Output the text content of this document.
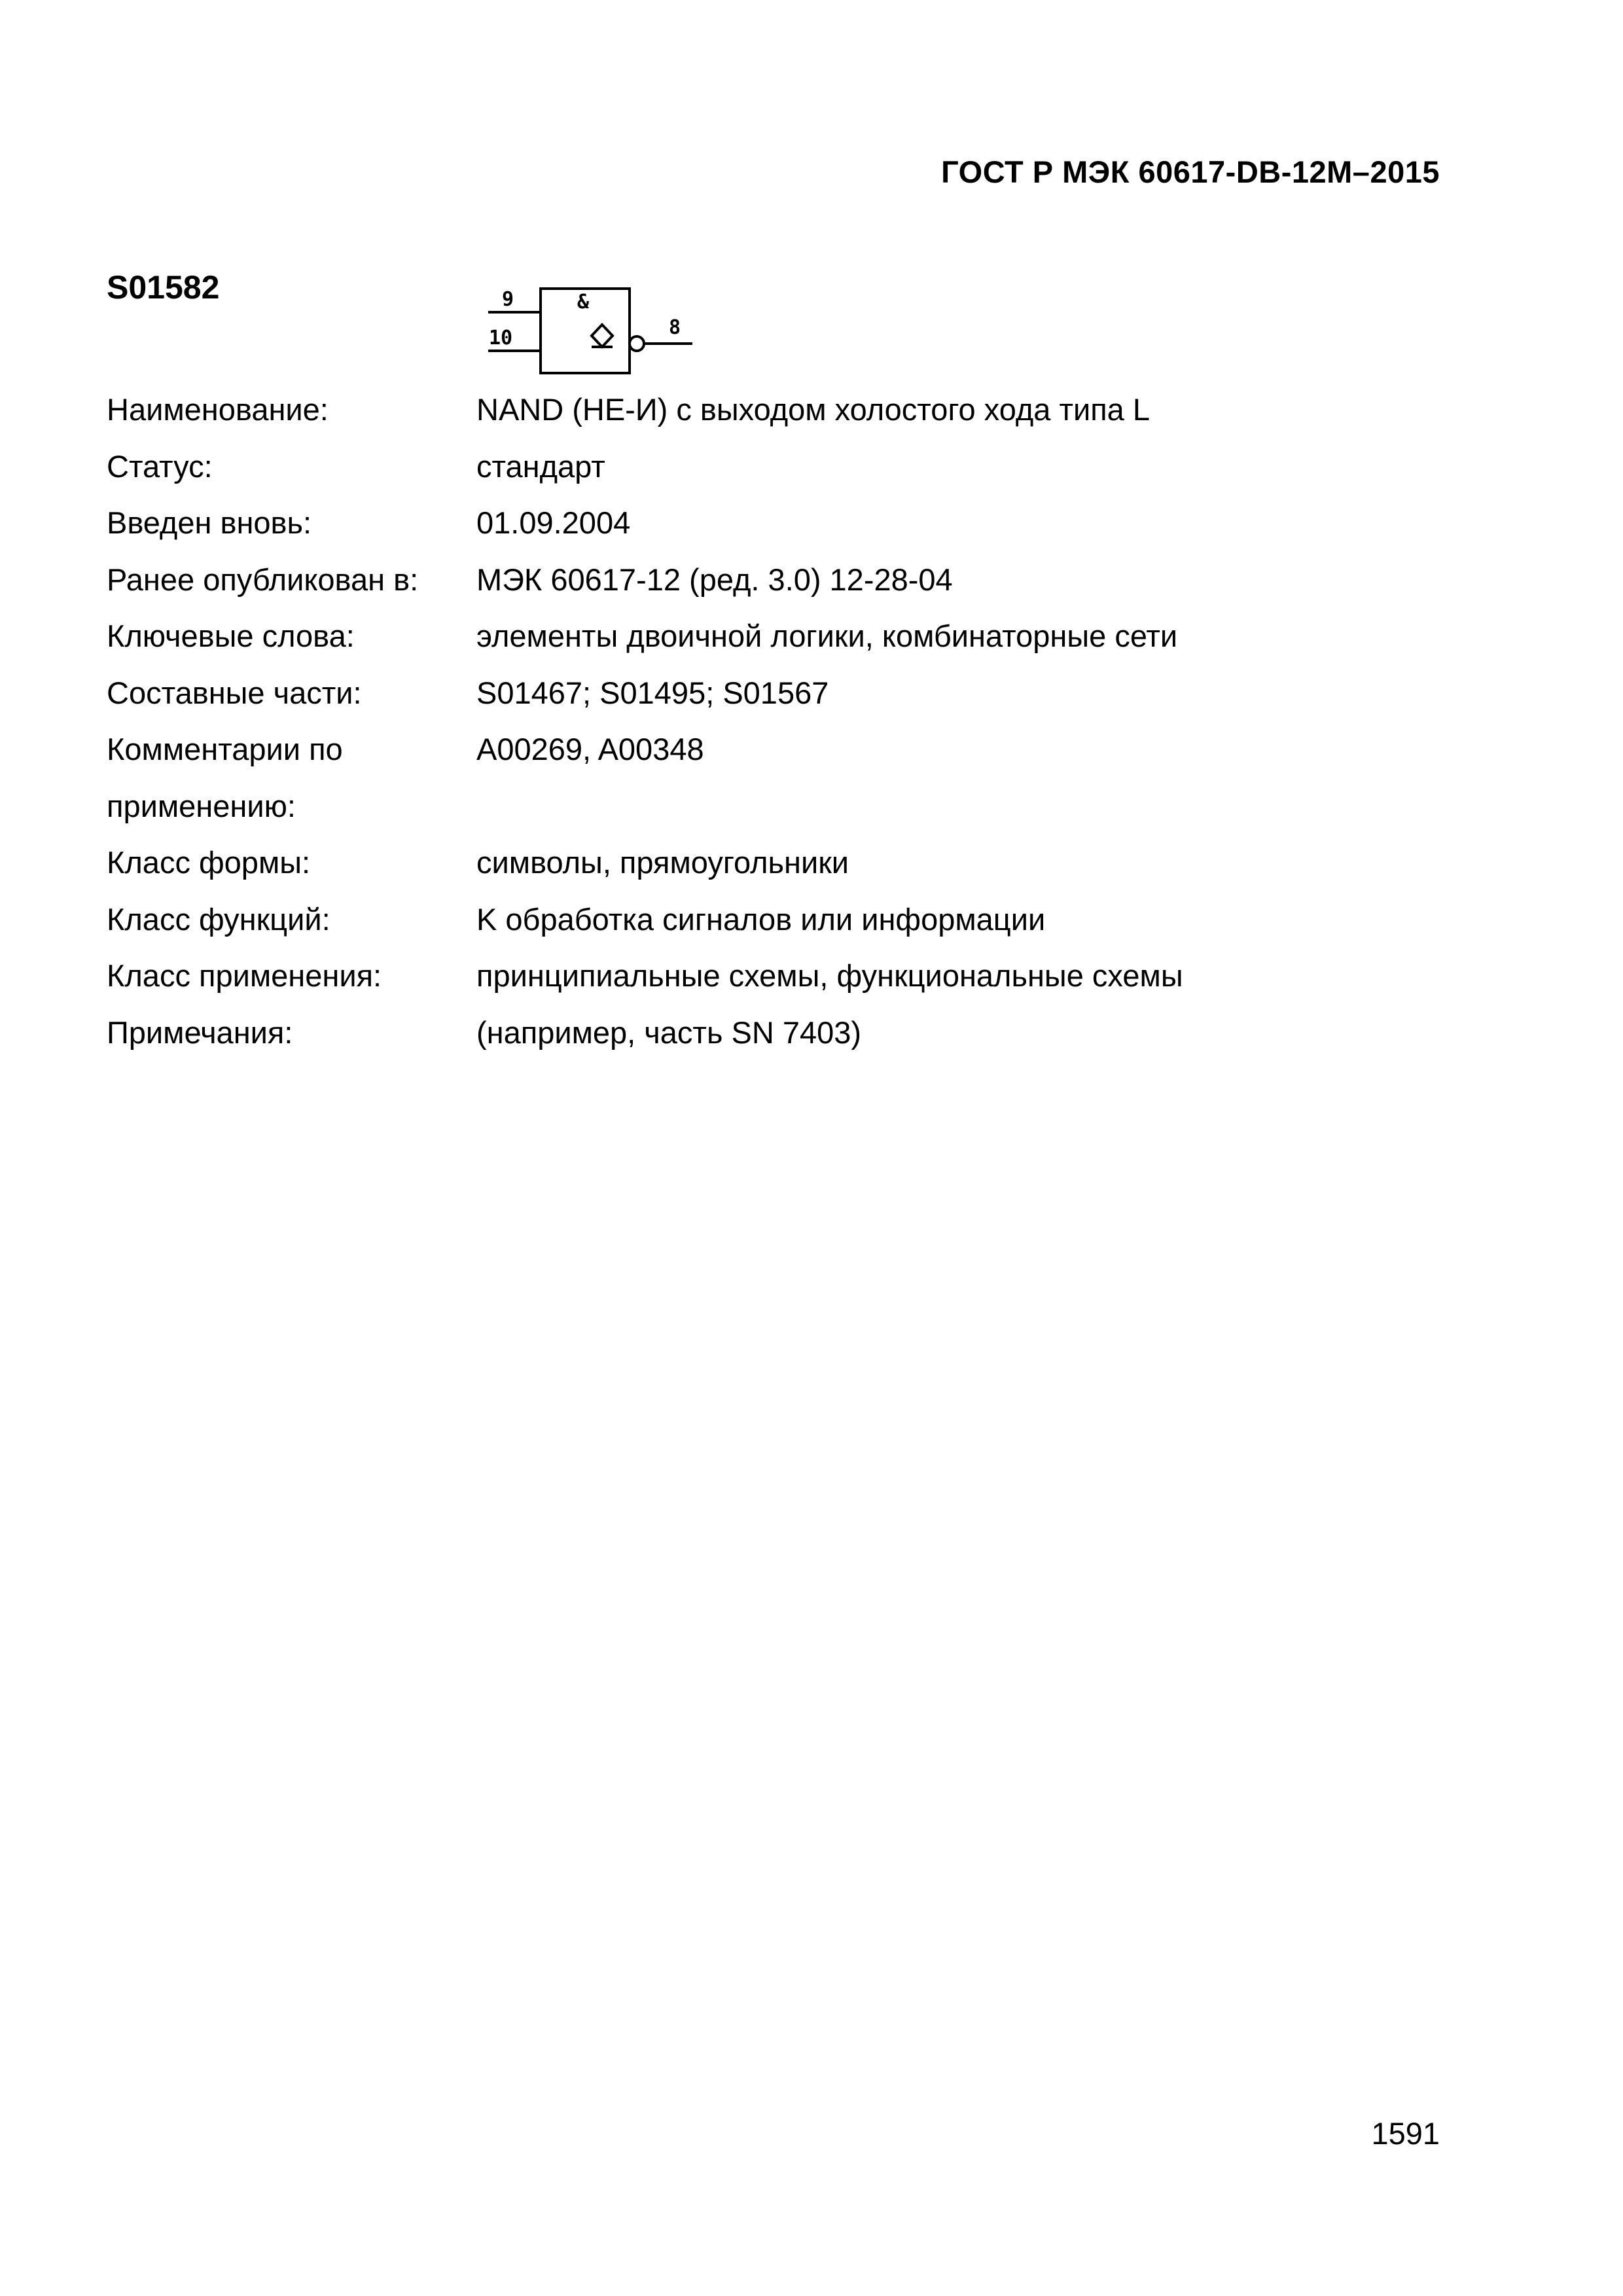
ГОСТ Р МЭК 60617-DB-12M–2015
S01582	9
10
&
8
Наименование:	NAND (НЕ-И) с выходом холостого хода типа L
Статус:	стандарт
Введен вновь:	01.09.2004
Ранее опубликован в:	МЭК 60617-12 (ред. 3.0) 12-28-04
Ключевые слова:	элементы двоичной логики, комбинаторные сети
Составные части:	S01467; S01495; S01567
Комментарии по применению:
A00269, A00348
Класс формы:	символы, прямоугольники
Класс функций:	K обработка сигналов или информации
Класс применения:	принципиальные схемы, функциональные схемы
Примечания:	(например, часть SN 7403)
1591
